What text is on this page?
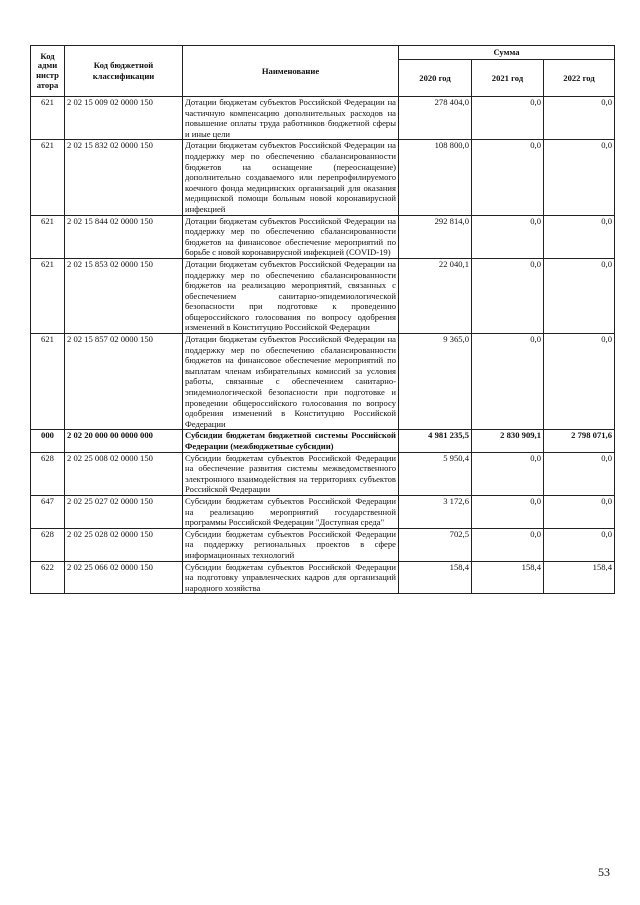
Код адми нистр атора	Код бюджетной классификации	Наименование	Сумма		
			2020 год	2021 год	2022 год
621	2 02 15 009 02 0000 150	Дотации бюджетам субъектов Российской Федерации на частичную компенсацию дополнительных расходов на повышение оплаты труда работников бюджетной сферы и иные цели	278 404,0	0,0	0,0
621	2 02 15 832 02 0000 150	Дотации бюджетам субъектов Российской Федерации на поддержку мер по обеспечению сбалансированности бюджетов на оснащение (переоснащение) дополнительно создаваемого или перепрофилируемого коечного фонда медицинских организаций для оказания медицинской помощи больным новой коронавирусной инфекцией	108 800,0	0,0	0,0
621	2 02 15 844 02 0000 150	Дотации бюджетам субъектов Российской Федерации на поддержку мер по обеспечению сбалансированности бюджетов на финансовое обеспечение мероприятий по борьбе с новой коронавирусной инфекцией (COVID-19)	292 814,0	0,0	0,0
621	2 02 15 853 02 0000 150	Дотации бюджетам субъектов Российской Федерации на поддержку мер по обеспечению сбалансированности бюджетов на реализацию мероприятий, связанных с обеспечением санитарно-эпидемиологической безопасности при подготовке к проведению общероссийского голосования по вопросу одобрения изменений в Конституцию Российской Федерации	22 040,1	0,0	0,0
621	2 02 15 857 02 0000 150	Дотации бюджетам субъектов Российской Федерации на поддержку мер по обеспечению сбалансированности бюджетов на финансовое обеспечение мероприятий по выплатам членам избирательных комиссий за условия работы, связанные с обеспечением санитарно-эпидемиологической безопасности при подготовке и проведении общероссийского голосования по вопросу одобрения изменений в Конституцию Российской Федерации	9 365,0	0,0	0,0
000	2 02 20 000 00 0000 000	Субсидии бюджетам бюджетной системы Российской Федерации (межбюджетные субсидии)	4 981 235,5	2 830 909,1	2 798 071,6
628	2 02 25 008 02 0000 150	Субсидии бюджетам субъектов Российской Федерации на обеспечение развития системы межведомственного электронного взаимодействия на территориях субъектов Российской Федерации	5 950,4	0,0	0,0
647	2 02 25 027 02 0000 150	Субсидии бюджетам субъектов Российской Федерации на реализацию мероприятий государственной программы Российской Федерации "Доступная среда"	3 172,6	0,0	0,0
628	2 02 25 028 02 0000 150	Субсидии бюджетам субъектов Российской Федерации на поддержку региональных проектов в сфере информационных технологий	702,5	0,0	0,0
622	2 02 25 066 02 0000 150	Субсидии бюджетам субъектов Российской Федерации на подготовку управленческих кадров для организаций народного хозяйства	158,4	158,4	158,4
53
